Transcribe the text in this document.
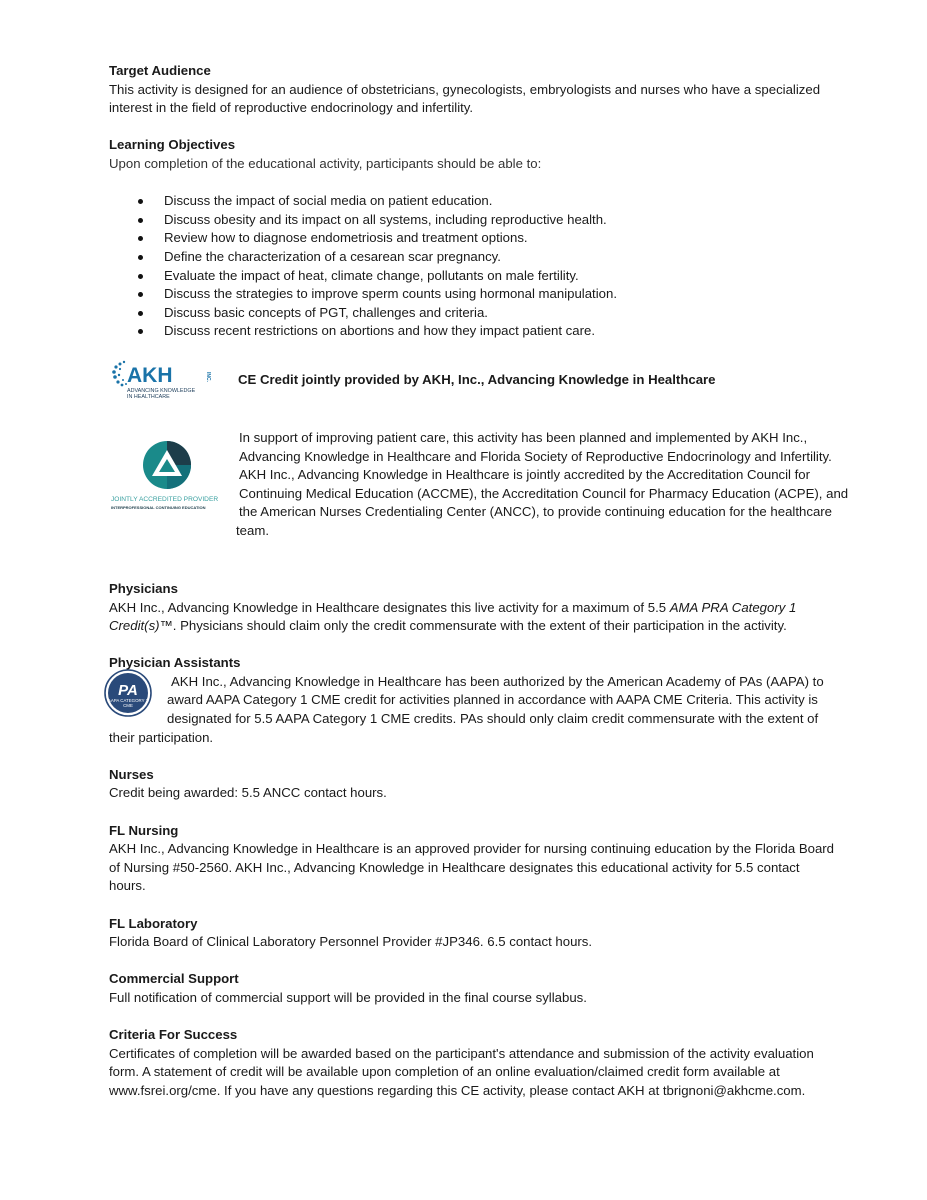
Target Audience

This activity is designed for an audience of obstetricians, gynecologists, embryologists and nurses who have a specialized

interest in the field of reproductive endocrinology and infertility.

Learning Objectives

Upon completion of the educational activity, participants should be able to:

Discuss the impact of social media on patient education.
Discuss obesity and its impact on all systems, including reproductive health.
Review how to diagnose endometriosis and treatment options.
Define the characterization of a cesarean scar pregnancy.
Evaluate the impact of heat, climate change, pollutants on male fertility.
Discuss the strategies to improve sperm counts using hormonal manipulation.
Discuss basic concepts of PGT, challenges and criteria.
Discuss recent restrictions on abortions and how they impact patient care.
AKH	INC.
ADVANCING KNOWLEDGE
IN HEALTHCARE
CE Credit jointly provided by AKH, Inc., Advancing Knowledge in Healthcare
JOINTLY ACCREDITED PROVIDER
INTERPROFESSIONAL CONTINUING EDUCATION

In support of improving patient care, this activity has been planned and implemented by AKH Inc.,

Advancing Knowledge in Healthcare and Florida Society of Reproductive Endocrinology and Infertility.

AKH Inc., Advancing Knowledge in Healthcare is jointly accredited by the Accreditation Council for

Continuing Medical Education (ACCME), the Accreditation Council for Pharmacy Education (ACPE), and

the American Nurses Credentialing Center (ANCC), to provide continuing education for the healthcare

team.

Physicians

AKH Inc., Advancing Knowledge in Healthcare designates this live activity for a maximum of 5.5 AMA PRA Category 1

Credit(s)™. Physicians should claim only the credit commensurate with the extent of their participation in the activity.

Physician Assistants
PA
AAPA CATEGORY 1
CME

AKH Inc., Advancing Knowledge in Healthcare has been authorized by the American Academy of PAs (AAPA) to

award AAPA Category 1 CME credit for activities planned in accordance with AAPA CME Criteria. This activity is

designated for 5.5 AAPA Category 1 CME credits. PAs should only claim credit commensurate with the extent of

their participation.

Nurses

Credit being awarded: 5.5 ANCC contact hours.

FL Nursing

AKH Inc., Advancing Knowledge in Healthcare is an approved provider for nursing continuing education by the Florida Board

of Nursing #50-2560. AKH Inc., Advancing Knowledge in Healthcare designates this educational activity for 5.5 contact

hours.

FL Laboratory

Florida Board of Clinical Laboratory Personnel Provider #JP346. 6.5 contact hours.

Commercial Support

Full notification of commercial support will be provided in the final course syllabus.

Criteria For Success

Certificates of completion will be awarded based on the participant's attendance and submission of the activity evaluation

form. A statement of credit will be available upon completion of an online evaluation/claimed credit form available at

www.fsrei.org/cme. If you have any questions regarding this CE activity, please contact AKH at tbrignoni@akhcme.com.
